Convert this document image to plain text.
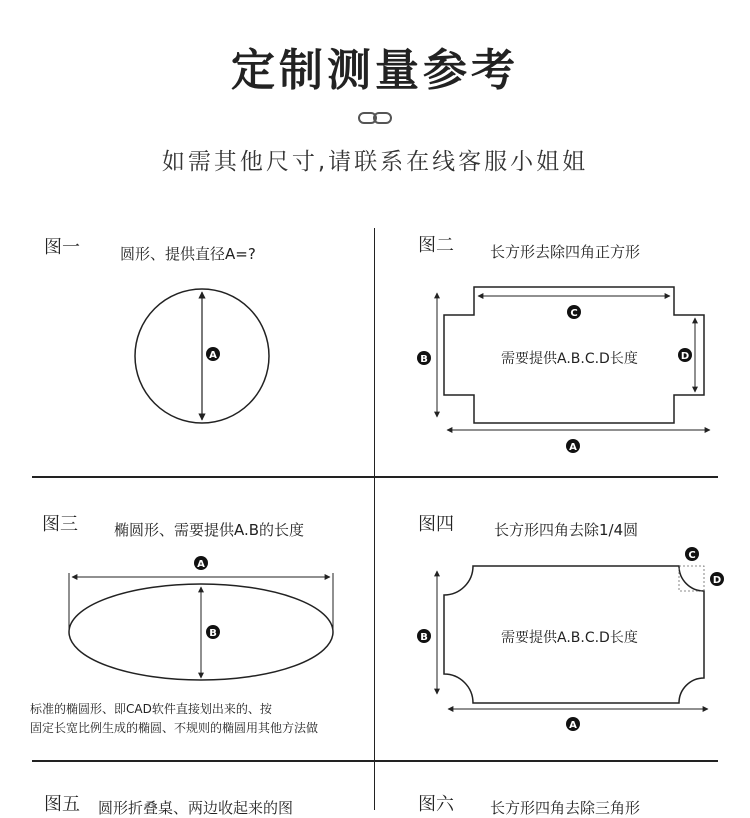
定制测量参考
如需其他尺寸,请联系在线客服小姐姐
图一	圆形、提供直径A=?	图二 长方形去除四角正方形
图三 椭圆形、需要提供A.B的长度	图四	长方形四角去除1/4圆
图五 圆形折叠桌、两边收起来的图	图六 长方形四角去除三角形
标准的椭圆形、即CAD软件直接划出来的、按
固定长宽比例生成的椭圆、不规则的椭圆用其他方法做
需要提供A.B.C.D长度
需要提供A.B.C.D长度
A
C
B	D
A
A
B
C
D
B
A
